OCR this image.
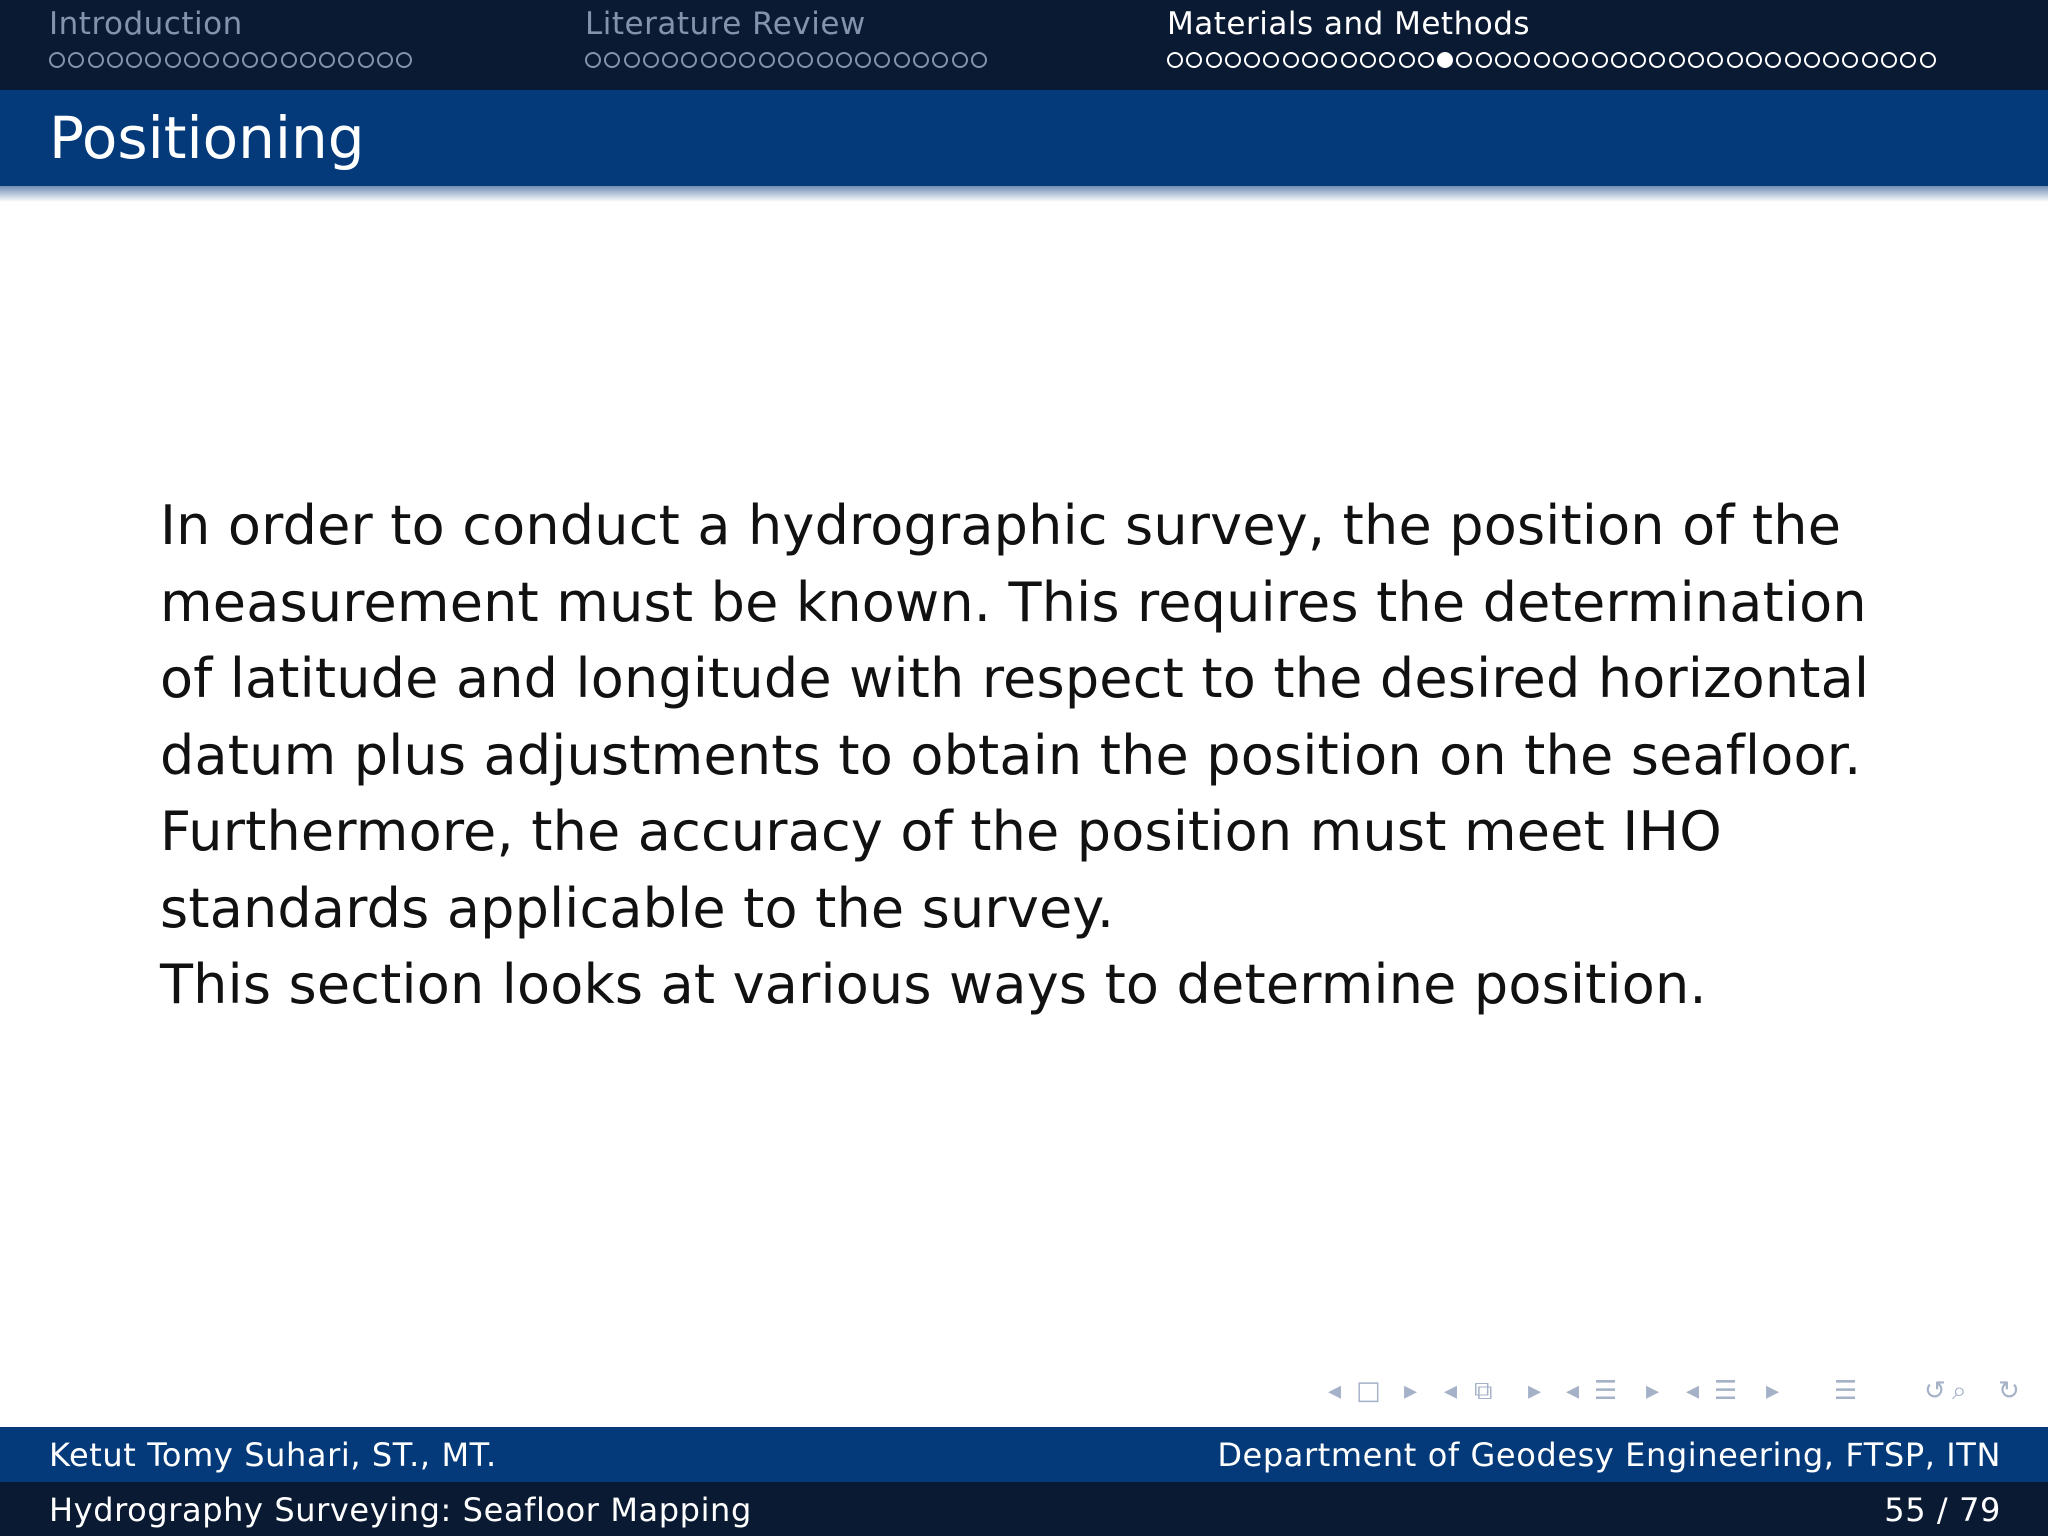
Introduction	Literature Review	Materials and Methods
Positioning

In order to conduct a hydrographic survey, the position of the measurement must be known. This requires the determination of latitude and longitude with respect to the desired horizontal datum plus adjustments to obtain the position on the seafloor. Furthermore, the accuracy of the position must meet IHO standards applicable to the survey.

This section looks at various ways to determine position.

◂ □ ▸ ◂ ⧉ ▸ ◂ ☰ ▸ ◂ ☰ ▸ ☰	↺ ⌕ ↻
Ketut Tomy Suhari, ST., MT.	Department of Geodesy Engineering, FTSP, ITN
Hydrography Surveying: Seafloor Mapping	55 / 79
